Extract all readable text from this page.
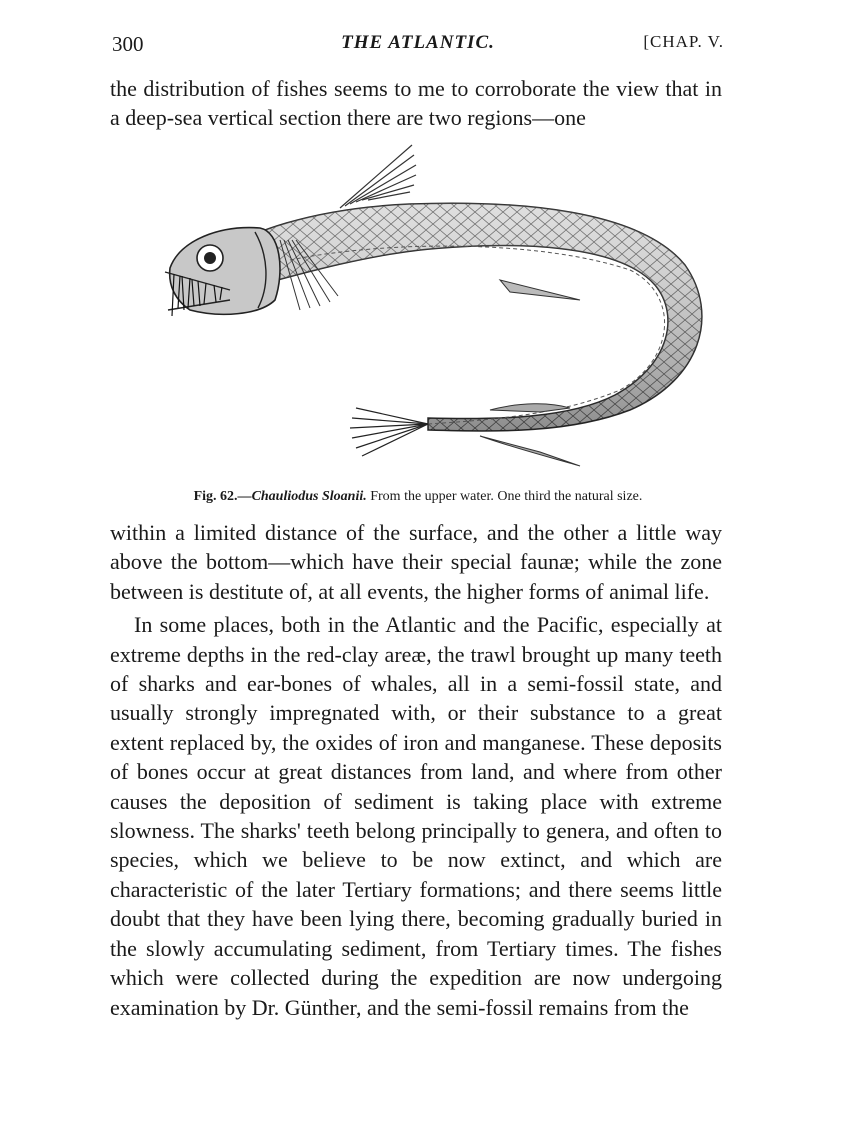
300	THE ATLANTIC.	[CHAP. V.

the distribution of fishes seems to me to corroborate the view that in a deep-sea vertical section there are two regions—one

Fig. 62.—Chauliodus Sloanii. From the upper water. One third the natural size.

within a limited distance of the surface, and the other a little way above the bottom—which have their special faunæ; while the zone between is destitute of, at all events, the higher forms of animal life.

In some places, both in the Atlantic and the Pacific, especially at extreme depths in the red-clay areæ, the trawl brought up many teeth of sharks and ear-bones of whales, all in a semi-fossil state, and usually strongly impregnated with, or their substance to a great extent replaced by, the oxides of iron and manganese. These deposits of bones occur at great distances from land, and where from other causes the deposition of sediment is taking place with extreme slowness. The sharks' teeth belong principally to genera, and often to species, which we believe to be now extinct, and which are characteristic of the later Tertiary formations; and there seems little doubt that they have been lying there, becoming gradually buried in the slowly accumulating sediment, from Tertiary times. The fishes which were collected during the expedition are now undergoing examination by Dr. Günther, and the semi-fossil remains from the
